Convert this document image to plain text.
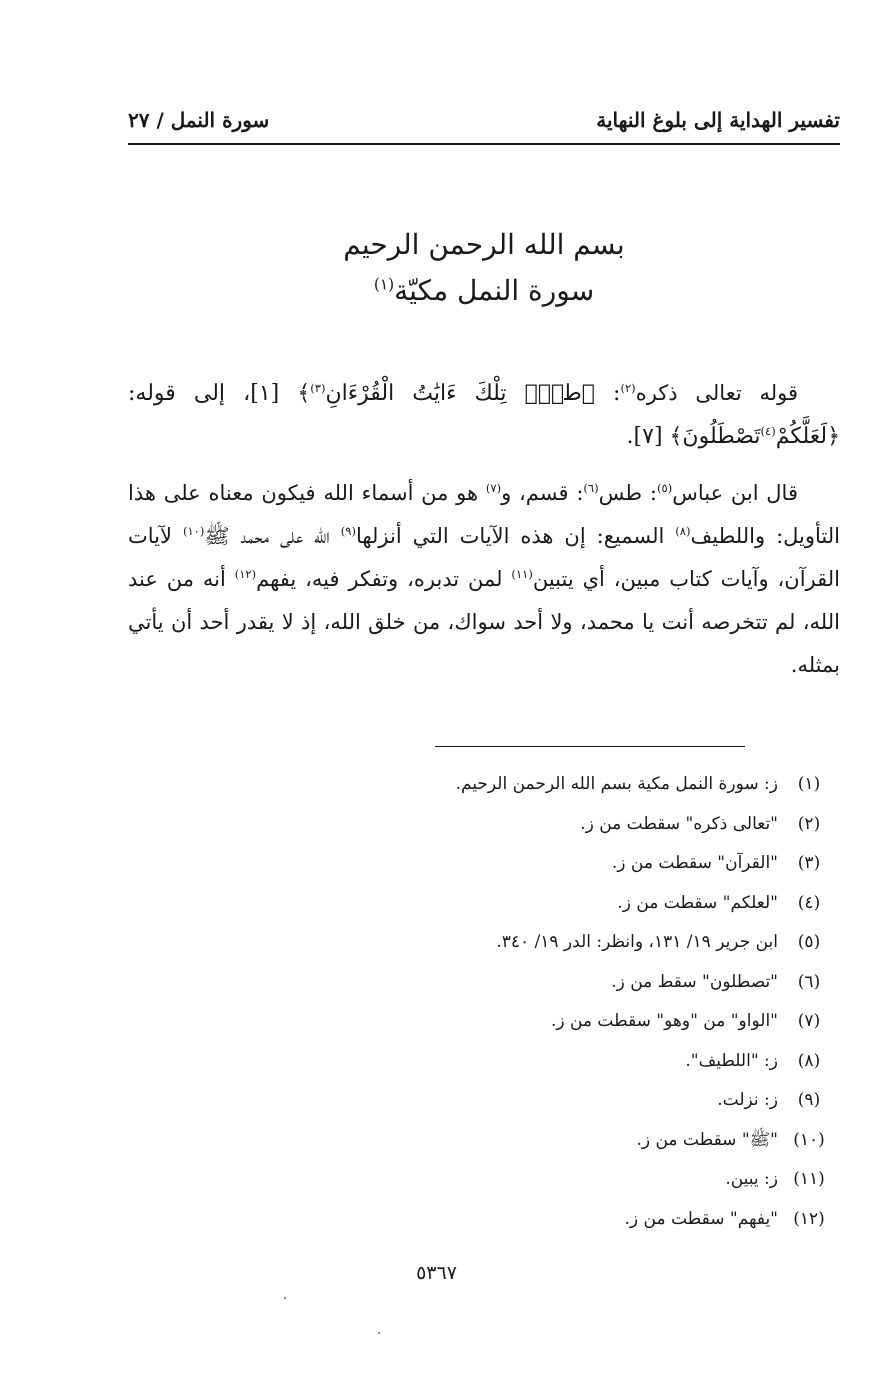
تفسير الهداية إلى بلوغ النهاية
سورة النمل / ٢٧
بسم الله الرحمن الرحيم
سورة النمل مكيّة$^{(١)}$

قوله تعالى ذكره$^{(٢)}$: ﴿طسٓۚ تِلْكَ ءَايَٰتُ الْقُرْءَانِ$^{(٣)}$﴾ [١]، إلى قوله: ﴿لَعَلَّكُمْ$^{(٤)}$تَصْطَلُونَ﴾ [٧].

قال ابن عباس$^{(٥)}$: طس$^{(٦)}$: قسم، و$^{(٧)}$ هو من أسماء الله فيكون معناه على هذا التأويل: واللطيف$^{(٨)}$ السميع: إن هذه الآيات التي أنزلها$^{(٩)}$ الله على محمد ﷺ$^{(١٠)}$ لآيات القرآن، وآيات كتاب مبين، أي يتبين$^{(١١)}$ لمن تدبره، وتفكر فيه، يفهم$^{(١٢)}$ أنه من عند الله، لم تتخرصه أنت يا محمد، ولا أحد سواك، من خلق الله، إذ لا يقدر أحد أن يأتي بمثله.

(١)ز: سورة النمل مكية بسم الله الرحمن الرحيم.
(٢)"تعالى ذكره" سقطت من ز.
(٣)"القرآن" سقطت من ز.
(٤)"لعلكم" سقطت من ز.
(٥)ابن جرير ١٩/ ١٣١، وانظر: الدر ١٩/ ٣٤٠.
(٦)"تصطلون" سقط من ز.
(٧)"الواو" من "وهو" سقطت من ز.
(٨)ز: "اللطيف".
(٩)ز: نزلت.
(١٠)"ﷺ" سقطت من ز.
(١١)ز: يبين.
(١٢)"يفهم" سقطت من ز.
٥٣٦٧
